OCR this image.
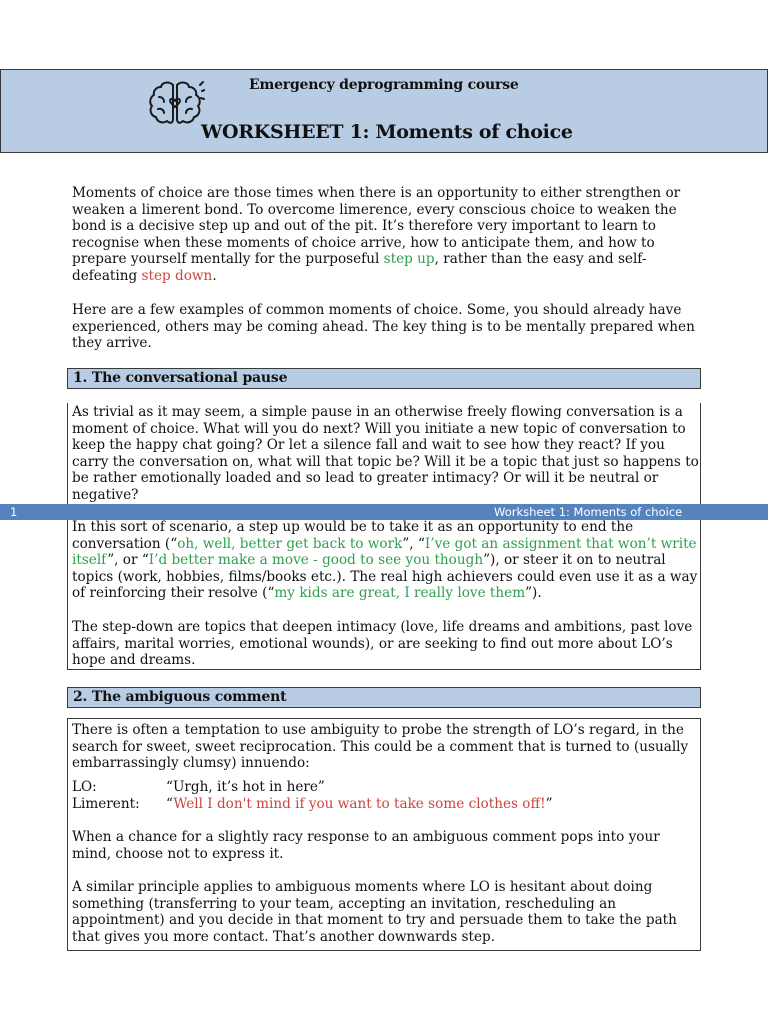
Emergency deprogramming course
WORKSHEET 1: Moments of choice

Moments of choice are those times when there is an opportunity to either strengthen or weaken a limerent bond. To overcome limerence, every conscious choice to weaken the bond is a decisive step up and out of the pit. It’s therefore very important to learn to recognise when these moments of choice arrive, how to anticipate them, and how to prepare yourself mentally for the purposeful step up, rather than the easy and self-defeating step down.

Here are a few examples of common moments of choice. Some, you should already have experienced, others may be coming ahead. The key thing is to be mentally prepared when they arrive.
1. The conversational pause
As trivial as it may seem, a simple pause in an otherwise freely flowing conversation is a moment of choice. What will you do next? Will you initiate a new topic of conversation to keep the happy chat going? Or let a silence fall and wait to see how they react? If you carry the conversation on, what will that topic be? Will it be a topic that just so happens to be rather emotionally loaded and so lead to greater intimacy? Or will it be neutral or negative?
1	Worksheet 1: Moments of choice

In this sort of scenario, a step up would be to take it as an opportunity to end the conversation (“oh, well, better get back to work”, “I’ve got an assignment that won’t write itself”, or “I’d better make a move - good to see you though”), or steer it on to neutral topics (work, hobbies, films/books etc.). The real high achievers could even use it as a way of reinforcing their resolve (“my kids are great, I really love them”).

The step-down are topics that deepen intimacy (love, life dreams and ambitions, past love affairs, marital worries, emotional wounds), or are seeking to find out more about LO’s hope and dreams.
2. The ambiguous comment
There is often a temptation to use ambiguity to probe the strength of LO’s regard, in the search for sweet, sweet reciprocation. This could be a comment that is turned to (usually embarrassingly clumsy) innuendo:
LO:	“Urgh, it’s hot in here”
Limerent:	“Well I don't mind if you want to take some clothes off!”
When a chance for a slightly racy response to an ambiguous comment pops into your mind, choose not to express it.
A similar principle applies to ambiguous moments where LO is hesitant about doing something (transferring to your team, accepting an invitation, rescheduling an appointment) and you decide in that moment to try and persuade them to take the path that gives you more contact. That’s another downwards step.
